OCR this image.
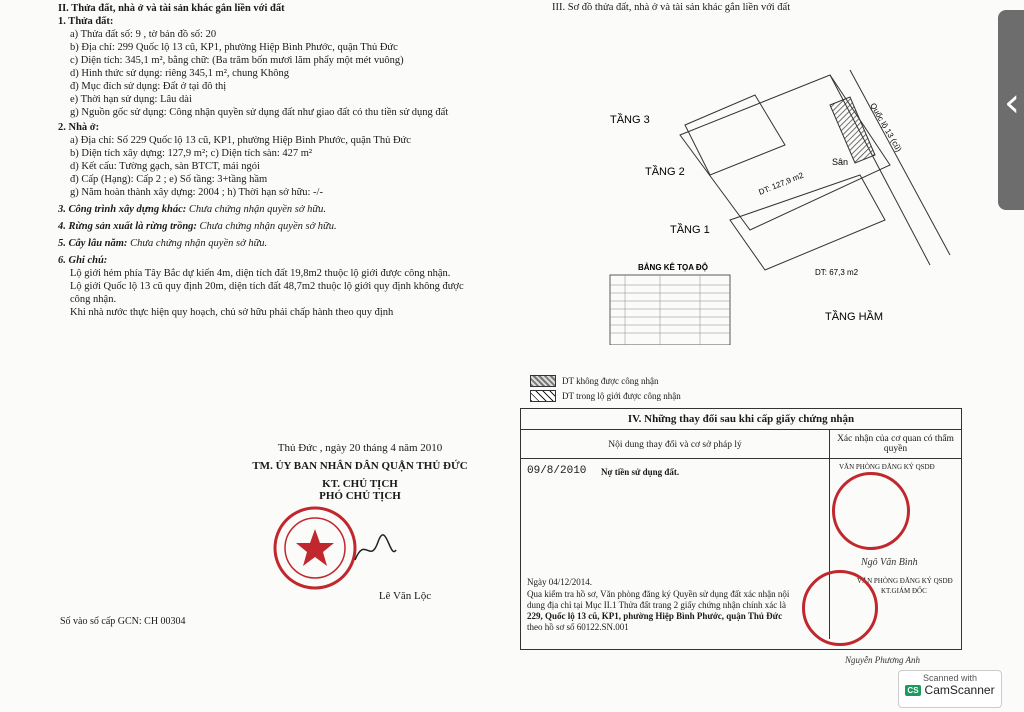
II. Thửa đất, nhà ở và tài sản khác gắn liền với đất
1. Thửa đất:
a) Thửa đất số: 9 , tờ bản đồ số: 20
b) Địa chỉ: 299 Quốc lộ 13 cũ, KP1, phường Hiệp Bình Phước, quận Thủ Đức
c) Diện tích: 345,1 m², bằng chữ: (Ba trăm bốn mươi lăm phẩy một mét vuông)
d) Hình thức sử dụng: riêng 345,1 m², chung Không
đ) Mục đích sử dụng: Đất ở tại đô thị
e) Thời hạn sử dụng: Lâu dài
g) Nguồn gốc sử dụng: Công nhận quyền sử dụng đất như giao đất có thu tiền sử dụng đất
2. Nhà ở:
a) Địa chỉ: Số 229 Quốc lộ 13 cũ, KP1, phường Hiệp Bình Phước, quận Thủ Đức
b) Diện tích xây dựng: 127,9 m²; c) Diện tích sàn: 427 m²
d) Kết cấu: Tường gạch, sàn BTCT, mái ngói
đ) Cấp (Hạng): Cấp 2 ; e) Số tầng: 3+tầng hầm
g) Năm hoàn thành xây dựng: 2004 ; h) Thời hạn sở hữu: -/-
3. Công trình xây dựng khác: Chưa chứng nhận quyền sở hữu.
4. Rừng sản xuất là rừng trồng: Chưa chứng nhận quyền sở hữu.
5. Cây lâu năm: Chưa chứng nhận quyền sở hữu.
6. Ghi chú:
Lộ giới hẻm phía Tây Bắc dự kiến 4m, diện tích đất 19,8m2 thuộc lộ giới được công nhận.
Lộ giới Quốc lộ 13 cũ quy định 20m, diện tích đất 48,7m2 thuộc lộ giới quy định không được công nhận.
Khi nhà nước thực hiện quy hoạch, chủ sở hữu phải chấp hành theo quy định
Thủ Đức , ngày 20 tháng 4 năm 2010
TM. ỦY BAN NHÂN DÂN QUẬN THỦ ĐỨC
KT. CHỦ TỊCH
PHÓ CHỦ TỊCH
Lê Văn Lộc
Số vào sổ cấp GCN: CH 00304
III. Sơ đồ thửa đất, nhà ở và tài sản khác gắn liền với đất
TẦNG 3
TẦNG 2
TẦNG 1
TẦNG HẦM
Sân
Quốc lộ 13 (cũ)
DT: 67,3 m2
DT: 127,9 m2
BẢNG KÊ TỌA ĐỘ
DT không được công nhận
DT trong lộ giới được công nhận
IV. Những thay đổi sau khi cấp giấy chứng nhận
Nội dung thay đổi và cơ sở pháp lý
Xác nhận của cơ quan có thẩm quyền
09/8/2010 Nợ tiền sử dụng đất.	VĂN PHÒNG ĐĂNG KÝ QSDĐ
Ngô Văn Bình
Ngày 04/12/2014.
Qua kiểm tra hồ sơ, Văn phòng đăng ký Quyền sử dụng đất xác nhận nội
dung địa chỉ tại Mục II.1 Thửa đất trang 2 giấy chứng nhận chính xác là
229, Quốc lộ 13 cũ, KP1, phường Hiệp Bình Phước, quận Thủ Đức
theo hồ sơ số 60122.SN.001
VĂN PHÒNG ĐĂNG KÝ QSDĐ
KT.GIÁM ĐỐC
Nguyễn Phương Anh
‹
Scanned with
CS CamScanner
